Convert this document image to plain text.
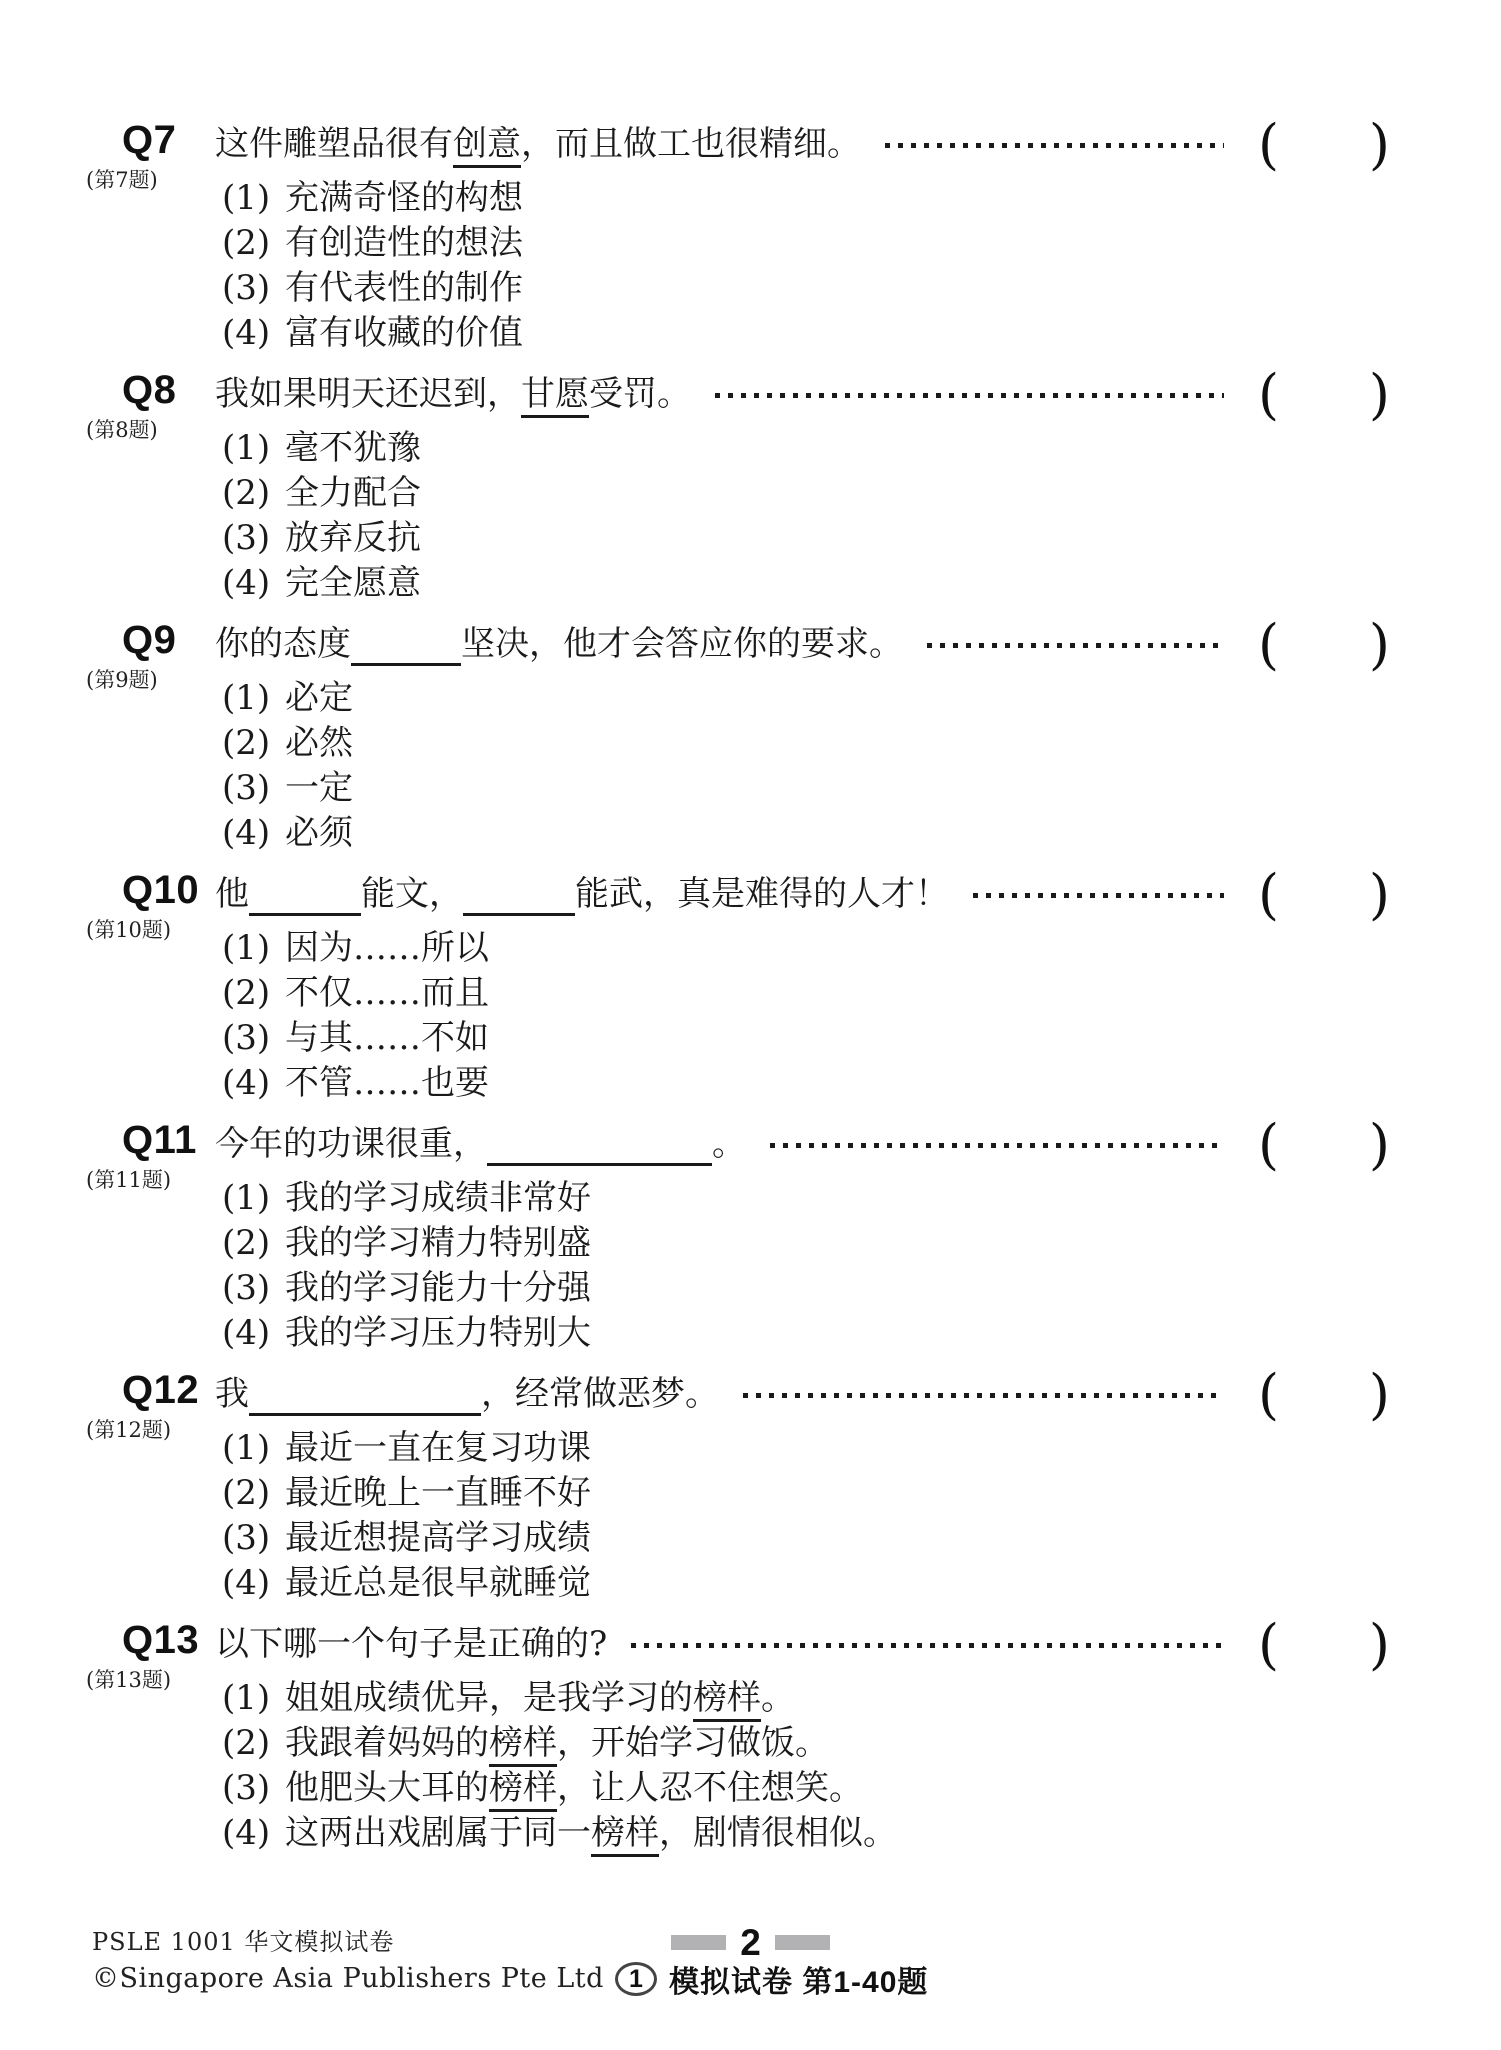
Q7
(第7题)
这件雕塑品很有创意，而且做工也很精细。	( )
(1) 充满奇怪的构想
(2) 有创造性的想法
(3) 有代表性的制作
(4) 富有收藏的价值
Q8
(第8题)
我如果明天还迟到，甘愿受罚。	( )
(1) 毫不犹豫
(2) 全力配合
(3) 放弃反抗
(4) 完全愿意
Q9
(第9题)
你的态度	坚决，他才会答应你的要求。	( )
(1) 必定
(2) 必然
(3) 一定
(4) 必须
Q10
(第10题)
他	能文，	能武，真是难得的人才！	( )
(1) 因为……所以
(2) 不仅……而且
(3) 与其……不如
(4) 不管……也要
Q11
(第11题)
今年的功课很重，	。	( )
(1) 我的学习成绩非常好
(2) 我的学习精力特别盛
(3) 我的学习能力十分强
(4) 我的学习压力特别大
Q12
(第12题)
我	，经常做恶梦。	( )
(1) 最近一直在复习功课
(2) 最近晚上一直睡不好
(3) 最近想提高学习成绩
(4) 最近总是很早就睡觉
Q13
(第13题)
以下哪一个句子是正确的?	( )
(1) 姐姐成绩优异，是我学习的榜样。
(2) 我跟着妈妈的榜样，开始学习做饭。
(3) 他肥头大耳的榜样，让人忍不住想笑。
(4) 这两出戏剧属于同一榜样，剧情很相似。
PSLE 1001 华文模拟试卷
©Singapore Asia Publishers Pte Ltd
2
1 模拟试卷 第1-40题
